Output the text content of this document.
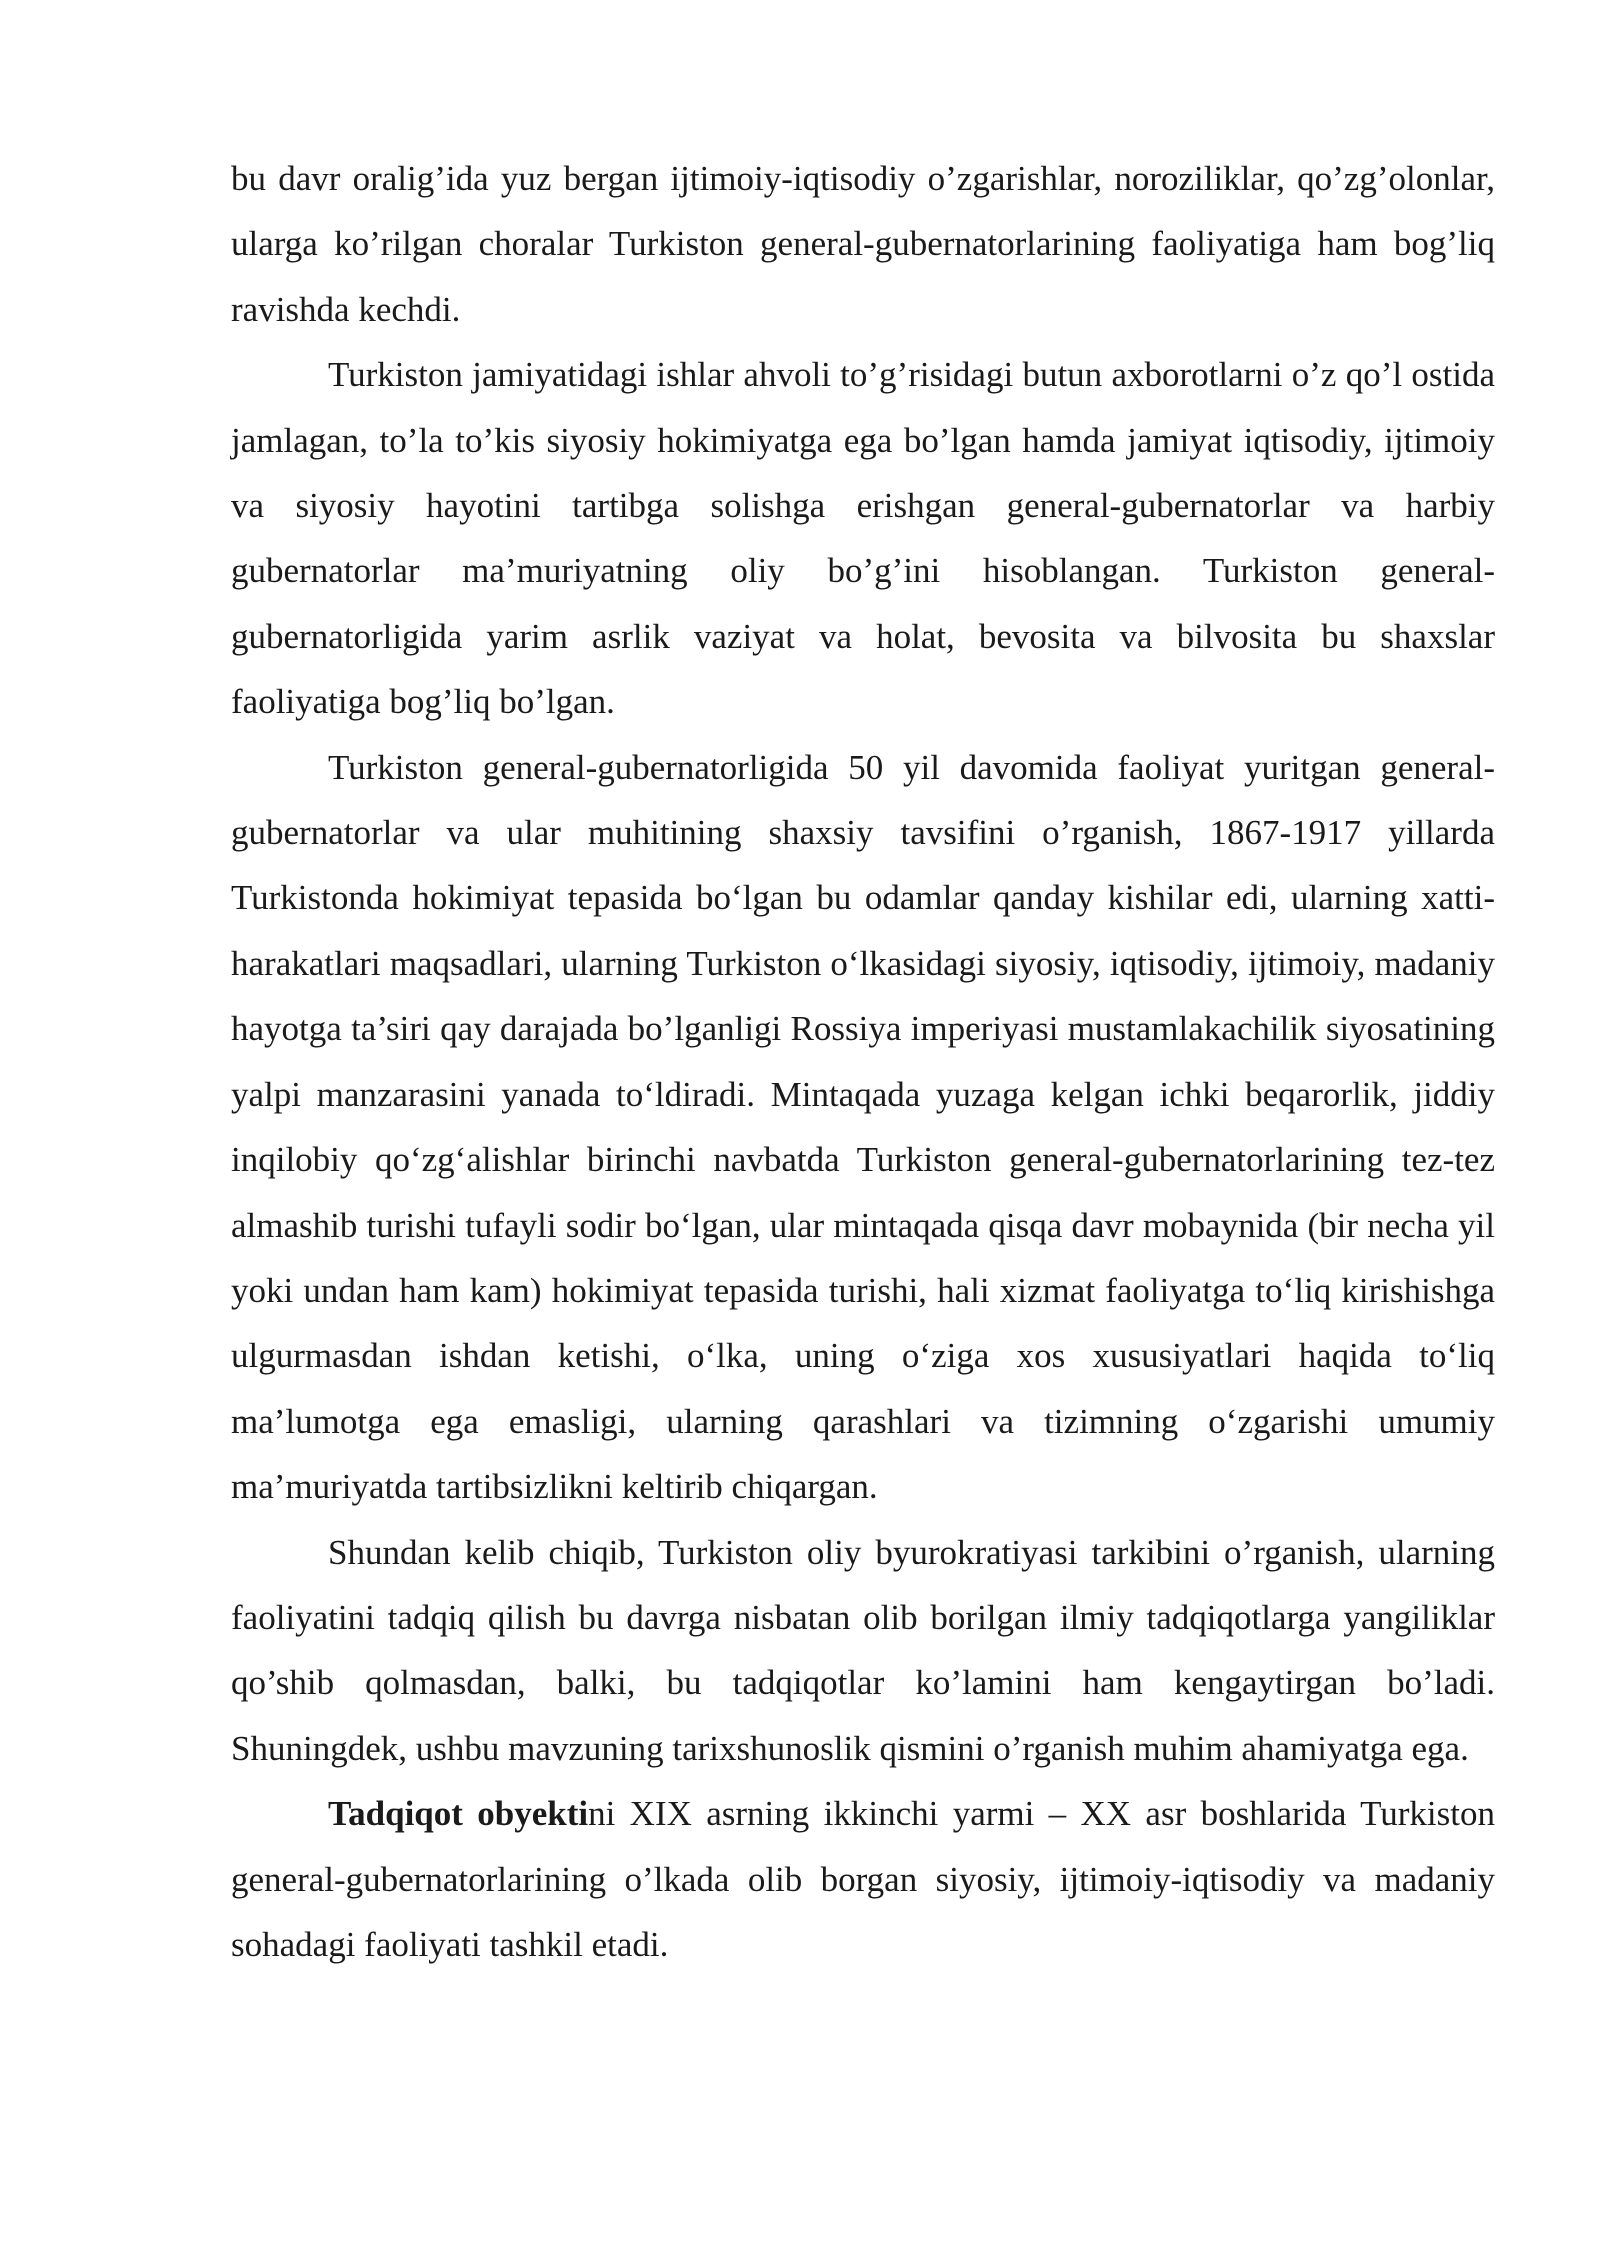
bu davr oralig’ida yuz bergan ijtimoiy-iqtisodiy o’zgarishlar, noroziliklar, qo’zg’olonlar, ularga ko’rilgan choralar Turkiston general-gubernatorlarining faoliyatiga ham bog’liq ravishda kechdi.

Turkiston jamiyatidagi ishlar ahvoli to’g’risidagi butun axborotlarni o’z qo’l ostida jamlagan, to’la to’kis siyosiy hokimiyatga ega bo’lgan hamda jamiyat iqtisodiy, ijtimoiy va siyosiy hayotini tartibga solishga erishgan general-gubernatorlar va harbiy gubernatorlar ma’muriyatning oliy bo’g’ini hisoblangan. Turkiston general-gubernatorligida yarim asrlik vaziyat va holat, bevosita va bilvosita bu shaxslar faoliyatiga bog’liq bo’lgan.

Turkiston general-gubernatorligida 50 yil davomida faoliyat yuritgan general-gubernatorlar va ular muhitining shaxsiy tavsifini o’rganish, 1867-1917 yillarda Turkistonda hokimiyat tepasida bo‘lgan bu odamlar qanday kishilar edi, ularning xatti-harakatlari maqsadlari, ularning Turkiston o‘lkasidagi siyosiy, iqtisodiy, ijtimoiy, madaniy hayotga ta’siri qay darajada bo’lganligi Rossiya imperiyasi mustamlakachilik siyosatining yalpi manzarasini yanada to‘ldiradi. Mintaqada yuzaga kelgan ichki beqarorlik, jiddiy inqilobiy qo‘zg‘alishlar birinchi navbatda Turkiston general-gubernatorlarining tez-tez almashib turishi tufayli sodir bo‘lgan, ular mintaqada qisqa davr mobaynida (bir necha yil yoki undan ham kam) hokimiyat tepasida turishi, hali xizmat faoliyatga to‘liq kirishishga ulgurmasdan ishdan ketishi, o‘lka, uning o‘ziga xos xususiyatlari haqida to‘liq ma’lumotga ega emasligi, ularning qarashlari va tizimning o‘zgarishi umumiy ma’muriyatda tartibsizlikni keltirib chiqargan.

Shundan kelib chiqib, Turkiston oliy byurokratiyasi tarkibini o’rganish, ularning faoliyatini tadqiq qilish bu davrga nisbatan olib borilgan ilmiy tadqiqotlarga yangiliklar qo’shib qolmasdan, balki, bu tadqiqotlar ko’lamini ham kengaytirgan bo’ladi. Shuningdek, ushbu mavzuning tarixshunoslik qismini o’rganish muhim ahamiyatga ega.

Tadqiqot obyektini XIX asrning ikkinchi yarmi – XX asr boshlarida Turkiston general-gubernatorlarining o’lkada olib borgan siyosiy, ijtimoiy-iqtisodiy va madaniy sohadagi faoliyati tashkil etadi.
